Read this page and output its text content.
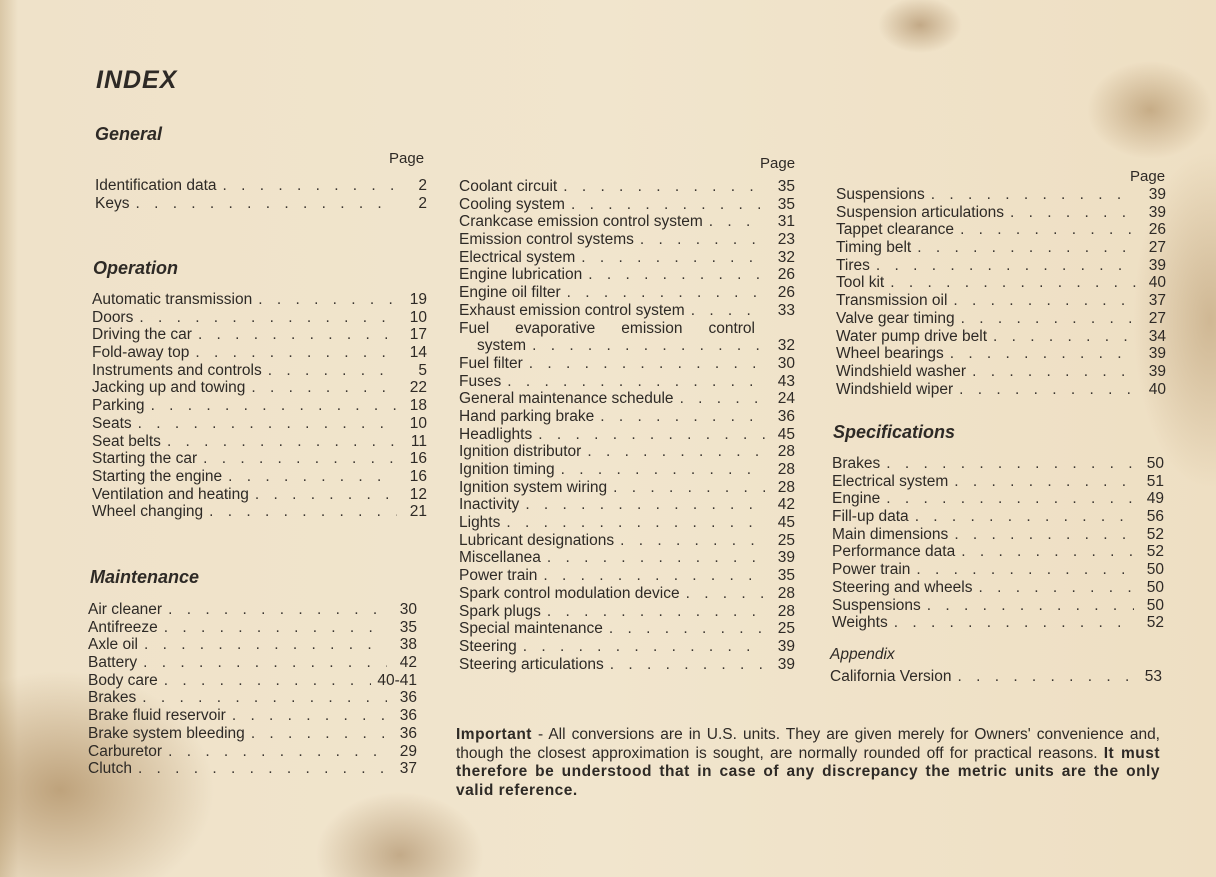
INDEX
General
Page
Identification data . . .	2
Keys . . .	2
Operation
Automatic transmission . . .	19
Doors . . .	10
Driving the car . . .	17
Fold-away top . . .	14
Instruments and controls . . .	5
Jacking up and towing . . .	22
Parking . . .	18
Seats . . .	10
Seat belts . . .	11
Starting the car . . .	16
Starting the engine . . .	16
Ventilation and heating . . .	12
Wheel changing . . .	21
Maintenance
Air cleaner . . .	30
Antifreeze . . .	35
Axle oil . . .	38
Battery . . .	42
Body care . . .	40-41
Brakes . . .	36
Brake fluid reservoir . . .	36
Brake system bleeding . . .	36
Carburetor . . .	29
Clutch . . .	37
Page
Coolant circuit . . .	35
Cooling system . . .	35
Crankcase emission control system . . .	31
Emission control systems . . .	23
Electrical system . . .	32
Engine lubrication . . .	26
Engine oil filter . . .	26
Exhaust emission control system . . .	33
Fuel evaporative emission control
system . . .	32
Fuel filter . . .	30
Fuses . . .	43
General maintenance schedule . . .	24
Hand parking brake . . .	36
Headlights . . .	45
Ignition distributor . . .	28
Ignition timing . . .	28
Ignition system wiring . . .	28
Inactivity . . .	42
Lights . . .	45
Lubricant designations . . .	25
Miscellanea . . .	39
Power train . . .	35
Spark control modulation device . . .	28
Spark plugs . . .	28
Special maintenance . . .	25
Steering . . .	39
Steering articulations . . .	39
Page
Suspensions . . .	39
Suspension articulations . . .	39
Tappet clearance . . .	26
Timing belt . . .	27
Tires . . .	39
Tool kit . . .	40
Transmission oil . . .	37
Valve gear timing . . .	27
Water pump drive belt . . .	34
Wheel bearings . . .	39
Windshield washer . . .	39
Windshield wiper . . .	40
Specifications
Brakes . . .	50
Electrical system . . .	51
Engine . . .	49
Fill-up data . . .	56
Main dimensions . . .	52
Performance data . . .	52
Power train . . .	50
Steering and wheels . . .	50
Suspensions . . .	50
Weights . . .	52
Appendix
California Version . . .	53
Important - All conversions are in U.S. units. They are given merely for Owners' convenience and, though the closest approximation is sought, are normally rounded off for practical reasons. It must therefore be understood that in case of any discrepancy the metric units are the only valid reference.
